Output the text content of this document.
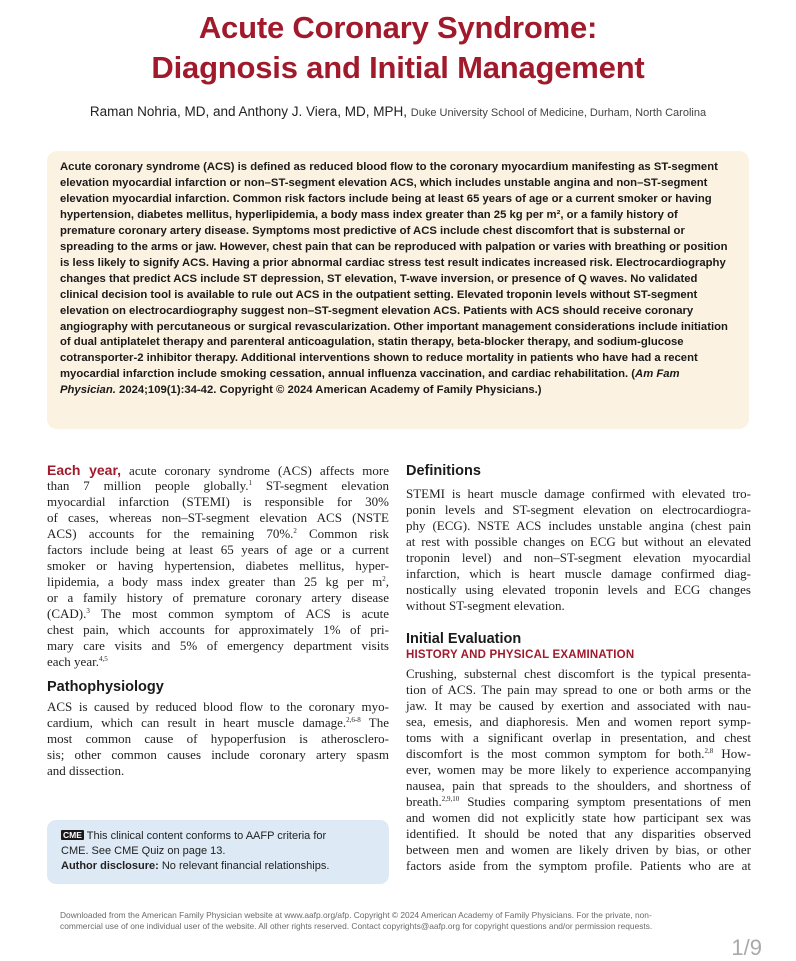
Acute Coronary Syndrome:
Diagnosis and Initial Management
Raman Nohria, MD, and Anthony J. Viera, MD, MPH, Duke University School of Medicine, Durham, North Carolina
Acute coronary syndrome (ACS) is defined as reduced blood flow to the coronary myocardium manifesting as ST-segment elevation myocardial infarction or non–ST-segment elevation ACS, which includes unstable angina and non–ST-segment elevation myocardial infarction. Common risk factors include being at least 65 years of age or a current smoker or having hypertension, diabetes mellitus, hyperlipidemia, a body mass index greater than 25 kg per m², or a family history of premature coronary artery disease. Symptoms most predictive of ACS include chest discomfort that is substernal or spreading to the arms or jaw. However, chest pain that can be reproduced with palpation or varies with breathing or position is less likely to signify ACS. Having a prior abnormal cardiac stress test result indicates increased risk. Electrocardiography changes that predict ACS include ST depression, ST elevation, T-wave inversion, or presence of Q waves. No validated clinical decision tool is available to rule out ACS in the outpatient setting. Elevated troponin levels without ST-segment elevation on electrocardiography suggest non–ST-segment elevation ACS. Patients with ACS should receive coronary angiography with percutaneous or surgical revascularization. Other important management considerations include initiation of dual antiplatelet therapy and parenteral anticoagulation, statin therapy, beta-blocker therapy, and sodium-glucose cotransporter-2 inhibitor therapy. Additional interventions shown to reduce mortality in patients who have had a recent myocardial infarction include smoking cessation, annual influenza vaccination, and cardiac rehabilitation. (Am Fam Physician. 2024;109(1):34-42. Copyright © 2024 American Academy of Family Physicians.)
Each year, acute coronary syndrome (ACS) affects more
than 7 million people globally.$^1$ ST-segment elevation
myocardial infarction (STEMI) is responsible for 30%
of cases, whereas non–ST-segment elevation ACS (NSTE
ACS) accounts for the remaining 70%.$^2$ Common risk
factors include being at least 65 years of age or a current
smoker or having hypertension, diabetes mellitus, hyper-
lipidemia, a body mass index greater than 25 kg per $m^2$,
or a family history of premature coronary artery disease
(CAD).$^3$ The most common symptom of ACS is acute
chest pain, which accounts for approximately 1% of pri-
mary care visits and 5% of emergency department visits
each year.$^{4,5}$
Pathophysiology
ACS is caused by reduced blood flow to the coronary myo-
cardium, which can result in heart muscle damage.$^{2,6-8}$ The
most common cause of hypoperfusion is atherosclero-
sis; other common causes include coronary artery spasm
and dissection.
CME This clinical content conforms to AAFP criteria for
CME. See CME Quiz on page 13.
Author disclosure: No relevant financial relationships.
Definitions
STEMI is heart muscle damage confirmed with elevated tro-
ponin levels and ST-segment elevation on electrocardiogra-
phy (ECG). NSTE ACS includes unstable angina (chest pain
at rest with possible changes on ECG but without an elevated
troponin level) and non–ST-segment elevation myocardial
infarction, which is heart muscle damage confirmed diag-
nostically using elevated troponin levels and ECG changes
without ST-segment elevation.
Initial Evaluation
HISTORY AND PHYSICAL EXAMINATION
Crushing, substernal chest discomfort is the typical presenta-
tion of ACS. The pain may spread to one or both arms or the
jaw. It may be caused by exertion and associated with nau-
sea, emesis, and diaphoresis. Men and women report symp-
toms with a significant overlap in presentation, and chest
discomfort is the most common symptom for both.$^{2,8}$ How-
ever, women may be more likely to experience accompanying
nausea, pain that spreads to the shoulders, and shortness of
breath.$^{2,9,10}$ Studies comparing symptom presentations of men
and women did not explicitly state how participant sex was
identified. It should be noted that any disparities observed
between men and women are likely driven by bias, or other
factors aside from the symptom profile. Patients who are at
Downloaded from the American Family Physician website at www.aafp.org/afp. Copyright © 2024 American Academy of Family Physicians. For the private, non-
commercial use of one individual user of the website. All other rights reserved. Contact copyrights@aafp.org for copyright questions and/or permission requests.
1/9
